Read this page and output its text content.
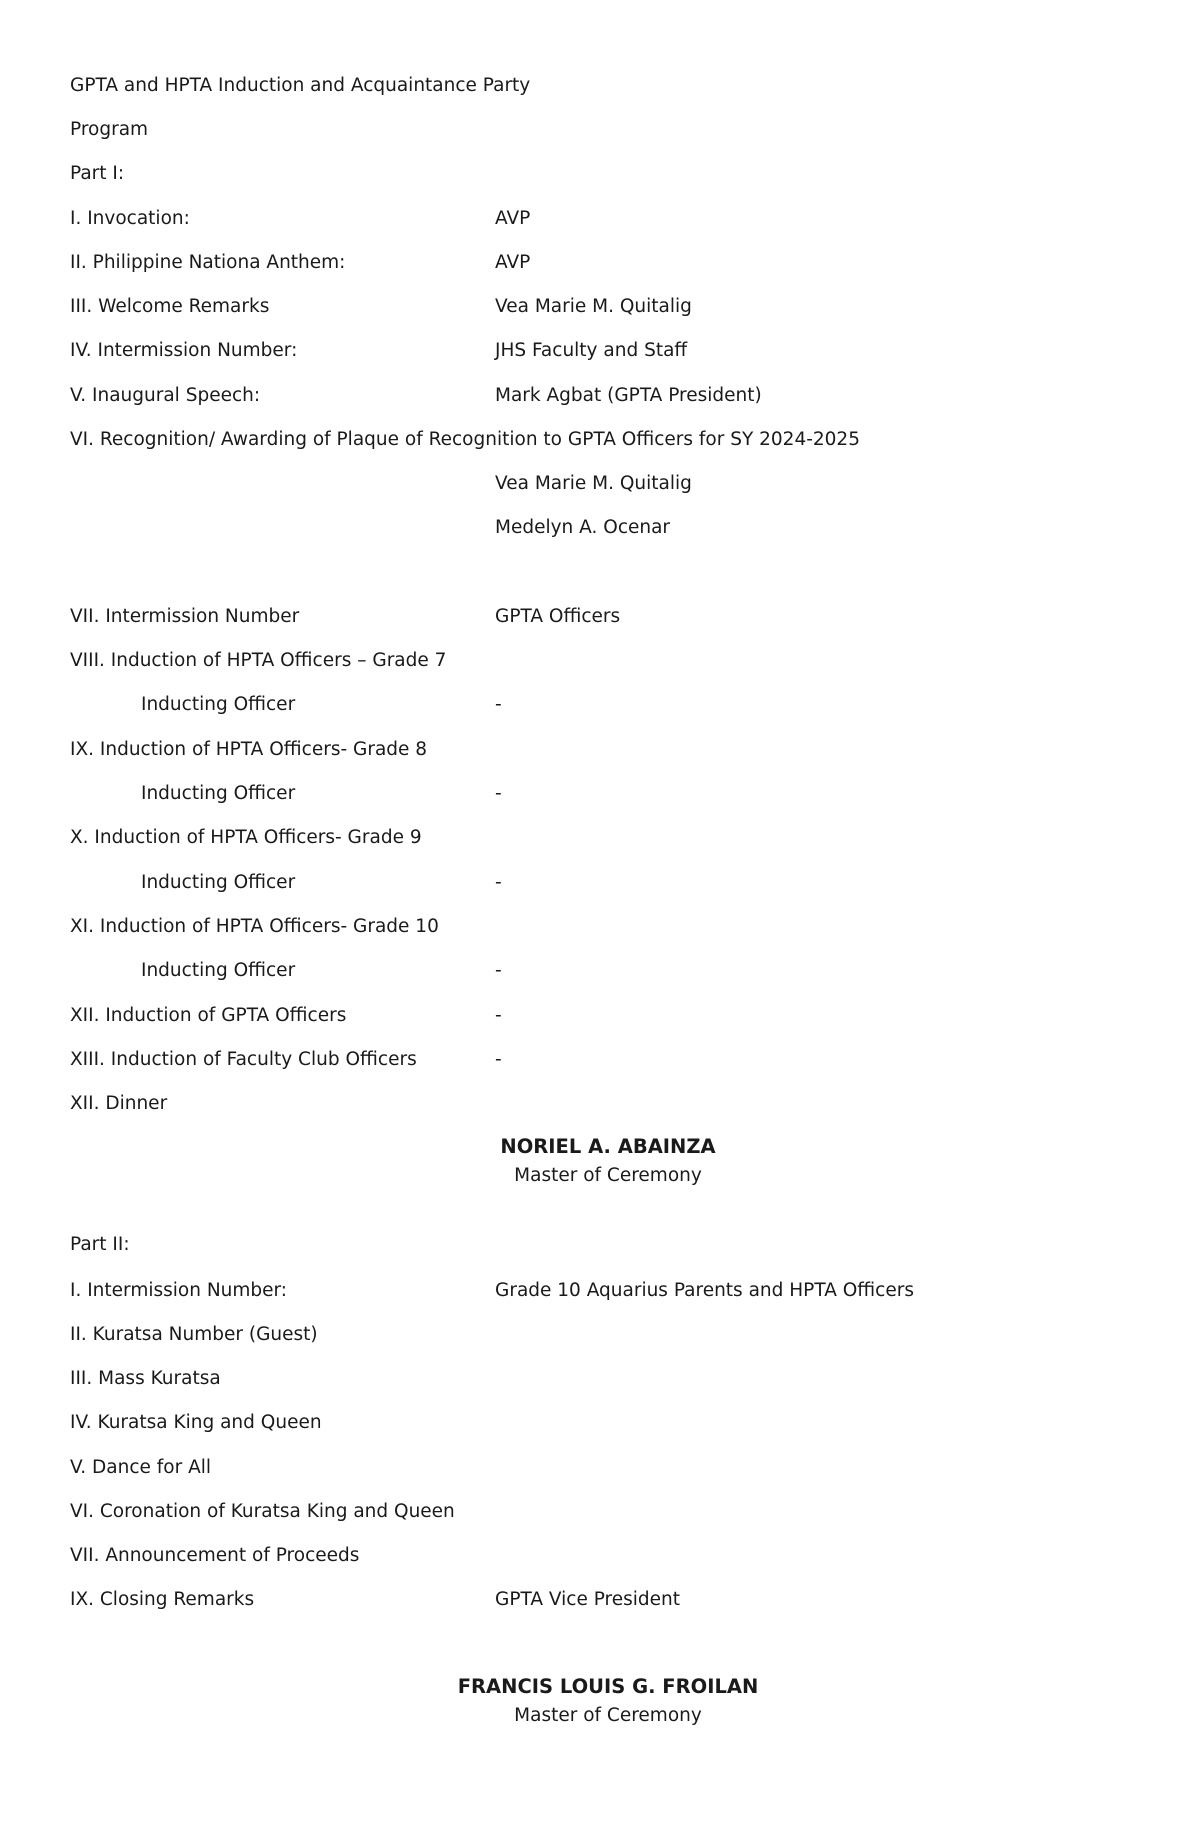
GPTA and HPTA Induction and Acquaintance Party
Program
Part I:
I. Invocation:	AVP
II. Philippine Nationa Anthem:	AVP
III. Welcome Remarks	Vea Marie M. Quitalig
IV. Intermission Number:	JHS Faculty and Staff
V. Inaugural Speech:	Mark Agbat (GPTA President)
VI. Recognition/ Awarding of Plaque of Recognition to GPTA Officers for SY 2024-2025
Vea Marie M. Quitalig
Medelyn A. Ocenar
VII. Intermission Number	GPTA Officers
VIII. Induction of HPTA Officers – Grade 7
Inducting Officer	-
IX. Induction of HPTA Officers- Grade 8
Inducting Officer	-
X. Induction of HPTA Officers- Grade 9
Inducting Officer	-
XI. Induction of HPTA Officers- Grade 10
Inducting Officer	-
XII. Induction of GPTA Officers	-
XIII. Induction of Faculty Club Officers	-
XII. Dinner
NORIEL A. ABAINZA
Master of Ceremony
Part II:
I. Intermission Number:	Grade 10 Aquarius Parents and HPTA Officers
II. Kuratsa Number (Guest)
III. Mass Kuratsa
IV. Kuratsa King and Queen
V. Dance for All
VI. Coronation of Kuratsa King and Queen
VII. Announcement of Proceeds
IX. Closing Remarks	GPTA Vice President
FRANCIS LOUIS G. FROILAN
Master of Ceremony
